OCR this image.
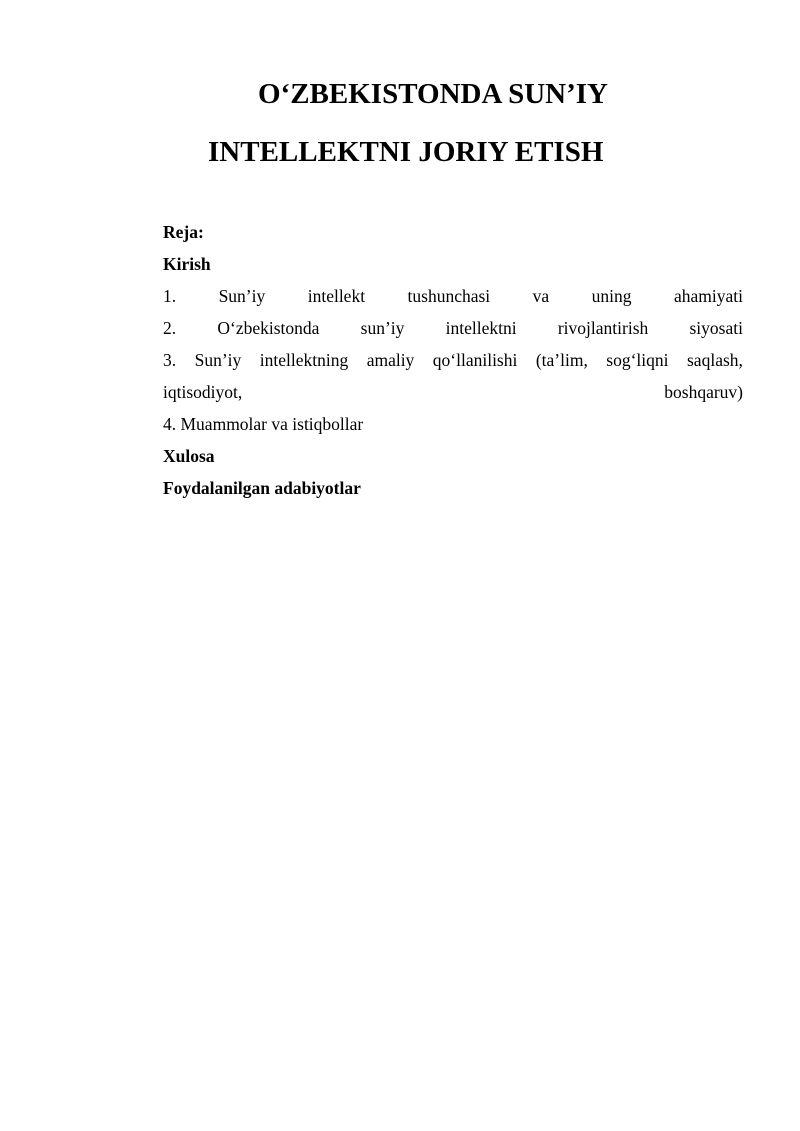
O‘ZBEKISTONDA SUN’IY
INTELLEKTNI JORIY ETISH
Reja:
Kirish
1. Sun’iy intellekt tushunchasi va uning ahamiyati
2. O‘zbekistonda sun’iy intellektni rivojlantirish siyosati
3. Sun’iy intellektning amaliy qo‘llanilishi (ta’lim, sog‘liqni saqlash,
iqtisodiyot,	boshqaruv)
4. Muammolar va istiqbollar
Xulosa
Foydalanilgan adabiyotlar
